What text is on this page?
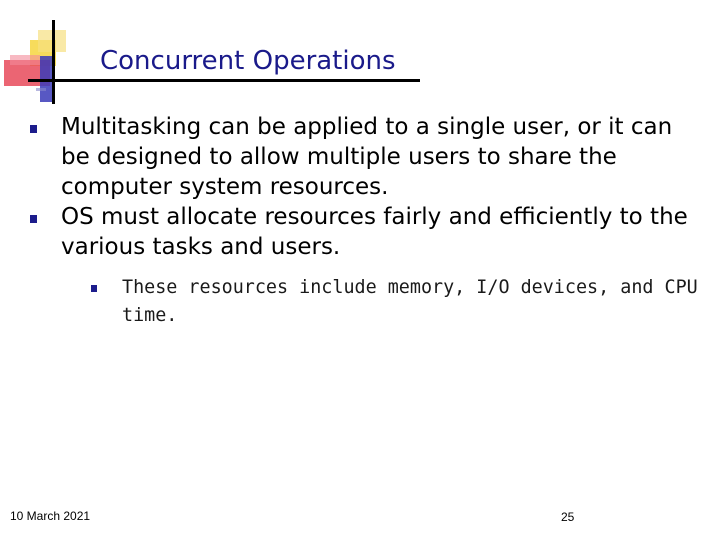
Concurrent Operations
Multitasking can be applied to a single user, or it can be designed to allow multiple users to share the computer system resources.
OS must allocate resources fairly and efficiently to the various tasks and users.
These resources include memory, I/O devices, and CPU time.
10 March 2021	25
